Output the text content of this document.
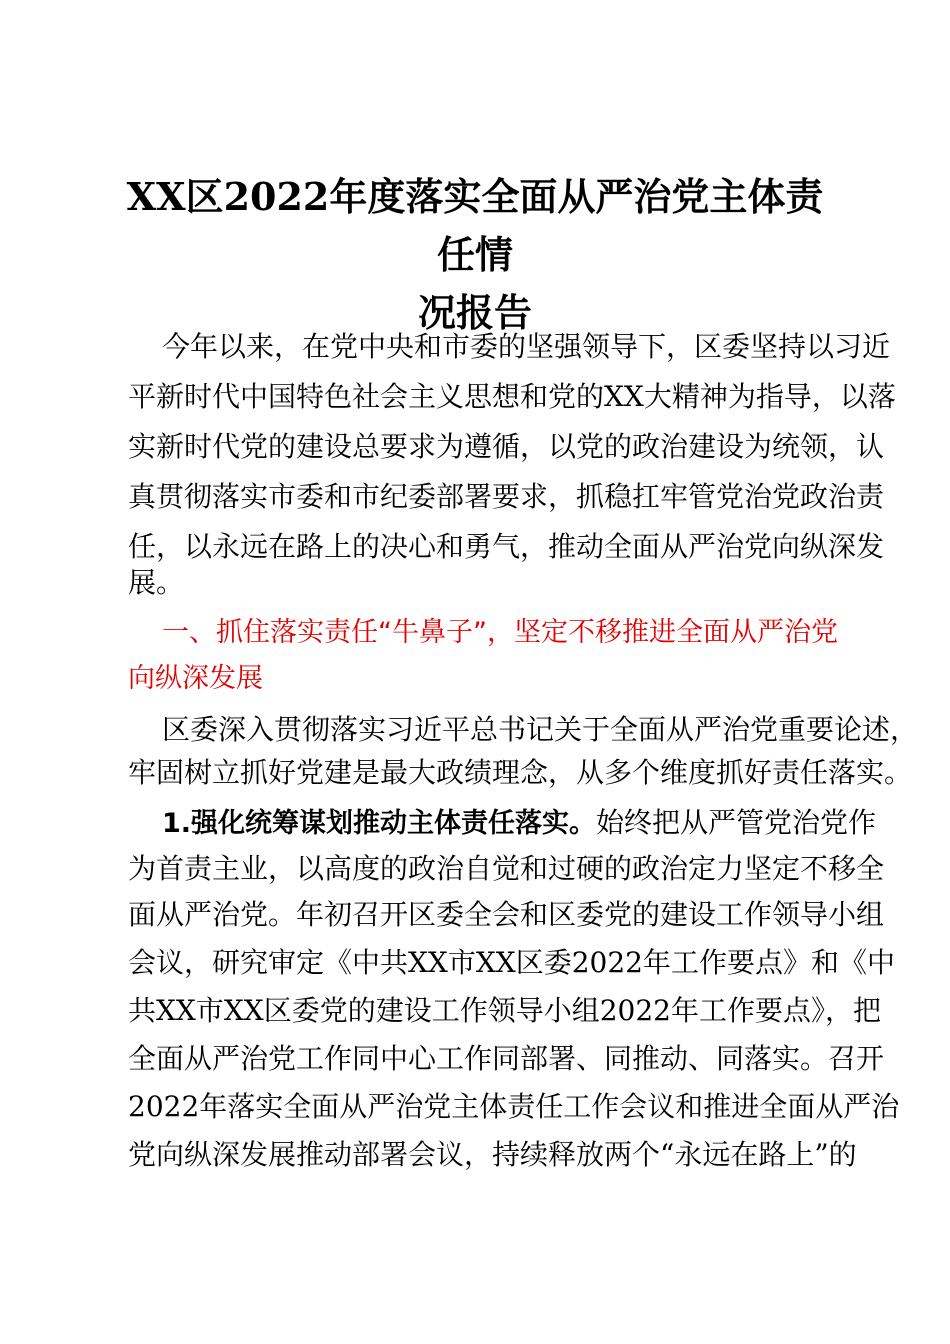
XX区2022年度落实全面从严治党主体责任情
况报告

今年以来，在党中央和市委的坚强领导下，区委坚持以习近

平新时代中国特色社会主义思想和党的XX大精神为指导，以落

实新时代党的建设总要求为遵循，以党的政治建设为统领，认

真贯彻落实市委和市纪委部署要求，抓稳扛牢管党治党政治责

任，以永远在路上的决心和勇气，推动全面从严治党向纵深发

展。

一、抓住落实责任“牛鼻子”，坚定不移推进全面从严治党

向纵深发展

区委深入贯彻落实习近平总书记关于全面从严治党重要论述，

牢固树立抓好党建是最大政绩理念，从多个维度抓好责任落实。

1.强化统筹谋划推动主体责任落实。始终把从严管党治党作

为首责主业，以高度的政治自觉和过硬的政治定力坚定不移全

面从严治党。年初召开区委全会和区委党的建设工作领导小组

会议，研究审定《中共XX市XX区委2022年工作要点》和《中

共XX市XX区委党的建设工作领导小组2022年工作要点》，把

全面从严治党工作同中心工作同部署、同推动、同落实。召开

2022年落实全面从严治党主体责任工作会议和推进全面从严治

党向纵深发展推动部署会议，持续释放两个“永远在路上”的
